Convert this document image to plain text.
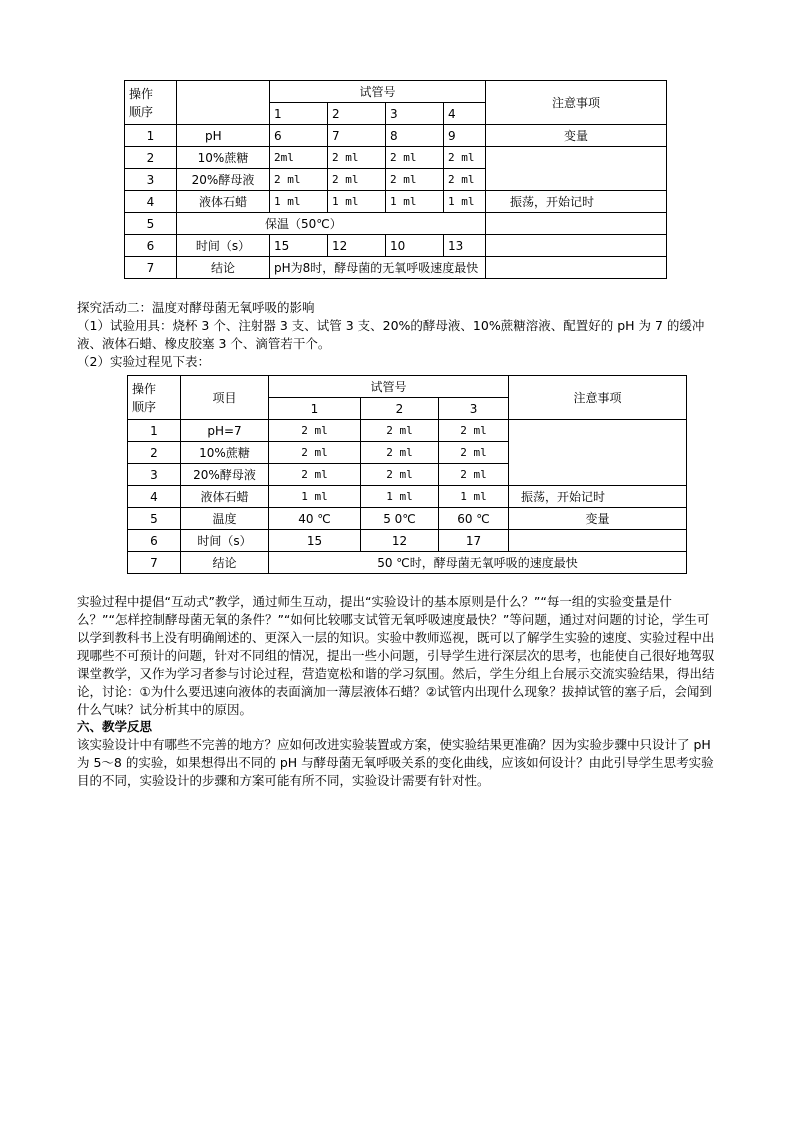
操作
顺序		试管号				注意事项
		1	2	3	4	
1	pH	6	7	8	9	变量
2	10%蔗糖	2ml	2 ml	2 ml	2 ml	
3	20%酵母液	2 ml	2 ml	2 ml	2 ml	
4	液体石蜡	1 ml	1 ml	1 ml	1 ml	振荡，开始记时
5	保温（50℃）					
6	时间（s）	15	12	10	13	
7	结论	pH为8时，酵母菌的无氧呼吸速度最快				
探究活动二：温度对酵母菌无氧呼吸的影响
（1）试验用具：烧杯 3 个、注射器 3 支、试管 3 支、20%的酵母液、10%蔗糖溶液、配置好的 pH 为 7 的缓冲液、液体石蜡、橡皮胶塞 3 个、滴管若干个。
（2）实验过程见下表：
操作
顺序	项目	试管号			注意事项
		1	2	3	
1	pH=7	2 ml	2 ml	2 ml	
2	10%蔗糖	2 ml	2 ml	2 ml	
3	20%酵母液	2 ml	2 ml	2 ml	
4	液体石蜡	1 ml	1 ml	1 ml	振荡，开始记时
5	温度	40 ℃	5 0℃	60 ℃	变量
6	时间（s）	15	12	17	
7	结论	50 ℃时，酵母菌无氧呼吸的速度最快			
实验过程中提倡“互动式”教学，通过师生互动，提出“实验设计的基本原则是什么？”“每一组的实验变量是什么？”“怎样控制酵母菌无氧的条件？”“如何比较哪支试管无氧呼吸速度最快？”等问题，通过对问题的讨论，学生可以学到教科书上没有明确阐述的、更深入一层的知识。实验中教师巡视，既可以了解学生实验的速度、实验过程中出现哪些不可预计的问题，针对不同组的情况，提出一些小问题，引导学生进行深层次的思考，也能使自己很好地驾驭课堂教学，又作为学习者参与讨论过程，营造宽松和谐的学习氛围。然后，学生分组上台展示交流实验结果，得出结论，讨论：①为什么要迅速向液体的表面滴加一薄层液体石蜡？②试管内出现什么现象？拔掉试管的塞子后，会闻到什么气味？试分析其中的原因。
六、教学反思
该实验设计中有哪些不完善的地方？应如何改进实验装置或方案，使实验结果更准确？因为实验步骤中只设计了 pH 为 5～8 的实验，如果想得出不同的 pH 与酵母菌无氧呼吸关系的变化曲线，应该如何设计？由此引导学生思考实验目的不同，实验设计的步骤和方案可能有所不同，实验设计需要有针对性。
